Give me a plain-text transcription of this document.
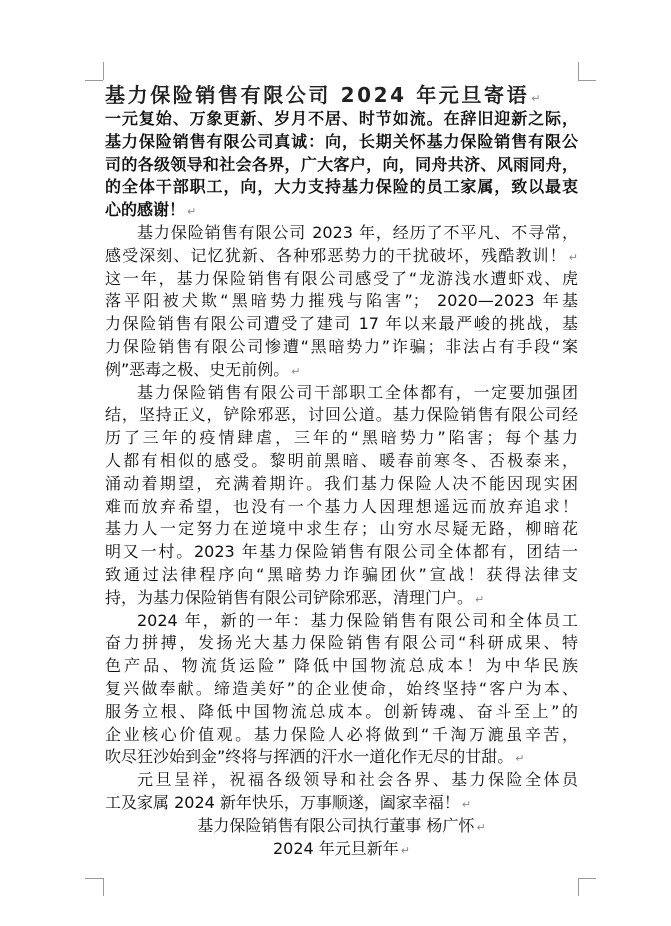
基力保险销售有限公司 2024 年元旦寄语 ↵
一元复始、万象更新、岁月不居、时节如流。在辞旧迎新之际，
基力保险销售有限公司真诚：向，长期关怀基力保险销售有限公
司的各级领导和社会各界，广大客户，向，同舟共济、风雨同舟，
的全体干部职工，向，大力支持基力保险的员工家属，致以最衷
心的感谢！ ↵
基力保险销售有限公司 2023 年，经历了不平凡、不寻常，
感受深刻、记忆犹新、各种邪恶势力的干扰破坏，残酷教训！ ↵
这一年，基力保险销售有限公司感受了“龙游浅水遭虾戏、虎
落平阳被犬欺“黑暗势力摧残与陷害”； 2020—2023 年基
力保险销售有限公司遭受了建司 17 年以来最严峻的挑战，基
力保险销售有限公司惨遭“黑暗势力”诈骗；非法占有手段“案
例”恶毒之极、史无前例。 ↵
基力保险销售有限公司干部职工全体都有，一定要加强团
结，坚持正义，铲除邪恶，讨回公道。基力保险销售有限公司经
历了三年的疫情肆虐，三年的“黑暗势力”陷害；每个基力
人都有相似的感受。黎明前黑暗、暖春前寒冬、否极泰来，
涌动着期望，充满着期许。我们基力保险人决不能因现实困
难而放弃希望，也没有一个基力人因理想遥远而放弃追求！
基力人一定努力在逆境中求生存；山穷水尽疑无路，柳暗花
明又一村。2023 年基力保险销售有限公司全体都有，团结一
致通过法律程序向“黑暗势力诈骗团伙”宣战！获得法律支
持，为基力保险销售有限公司铲除邪恶，清理门户。 ↵
2024 年，新的一年：基力保险销售有限公司和全体员工
奋力拼搏，发扬光大基力保险销售有限公司“科研成果、特
色产品、物流货运险” 降低中国物流总成本！为中华民族
复兴做奉献。缔造美好”的企业使命，始终坚持“客户为本、
服务立根、降低中国物流总成本。创新铸魂、奋斗至上”的
企业核心价值观。基力保险人必将做到“千淘万漉虽辛苦，
吹尽狂沙始到金”终将与挥洒的汗水一道化作无尽的甘甜。 ↵
元旦呈祥，祝福各级领导和社会各界、基力保险全体员
工及家属 2024 新年快乐，万事顺遂，阖家幸福！ ↵
基力保险销售有限公司执行董事 杨广怀 ↵
2024 年元旦新年 ↵
